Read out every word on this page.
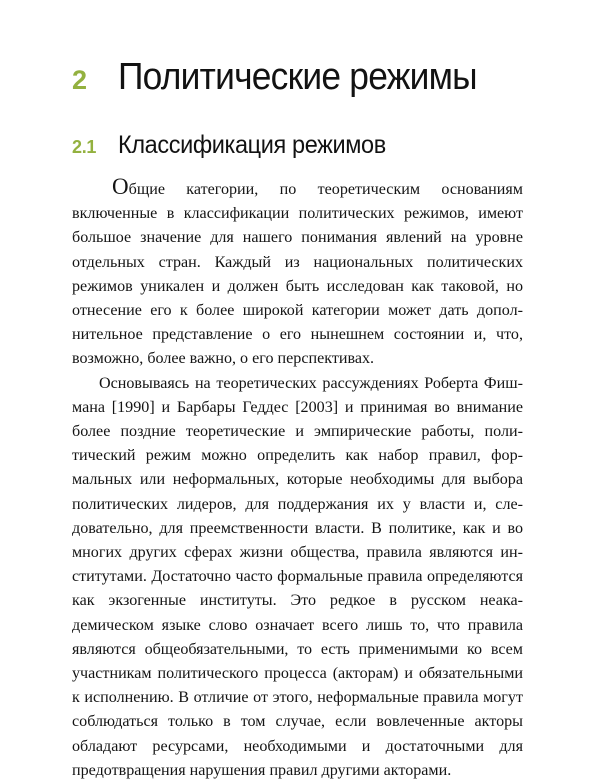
2 Политические режимы
2.1 Классификация режимов

Общие категории, по теоретическим основаниям включенные в классификации политических режимов, имеют большое значение для нашего понимания явлений на уровне отдельных стран. Каждый из национальных политических режимов уникален и должен быть исследован как таковой, но отнесение его к более широкой категории может дать дополнительное представление о его нынешнем состоянии и, что, возможно, более важно, о его перспективах.

Основываясь на теоретических рассуждениях Роберта Фишмана [1990] и Барбары Геддес [2003] и принимая во внимание более поздние теоретические и эмпирические работы, политический режим можно определить как набор правил, формальных или неформальных, которые необходимы для выбора политических лидеров, для поддержания их у власти и, следовательно, для преемственности власти. В политике, как и во многих других сферах жизни общества, правила являются институтами. Достаточно часто формальные правила определяются как экзогенные институты. Это редкое в русском неакадемическом языке слово означает всего лишь то, что правила являются общеобязательными, то есть применимыми ко всем участникам политического процесса (акторам) и обязательными к исполнению. В отличие от этого, неформальные правила могут соблюдаться только в том случае, если вовлеченные акторы обладают ресурсами, необходимыми и достаточными для предотвращения нарушения правил другими акторами.
